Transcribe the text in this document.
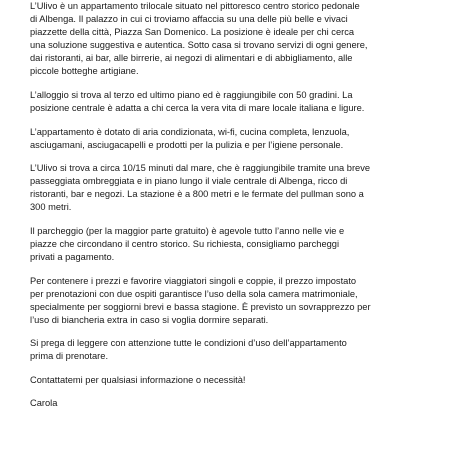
L’Ulivo è un appartamento trilocale situato nel pittoresco centro storico pedonale
di Albenga. Il palazzo in cui ci troviamo affaccia su una delle più belle e vivaci
piazzette della città, Piazza San Domenico. La posizione è ideale per chi cerca
una soluzione suggestiva e autentica. Sotto casa si trovano servizi di ogni genere,
dai ristoranti, ai bar, alle birrerie, ai negozi di alimentari e di abbigliamento, alle
piccole botteghe artigiane.

L’alloggio si trova al terzo ed ultimo piano ed è raggiungibile con 50 gradini. La
posizione centrale è adatta a chi cerca la vera vita di mare locale italiana e ligure.

L’appartamento è dotato di aria condizionata, wi-fi, cucina completa, lenzuola,
asciugamani, asciugacapelli e prodotti per la pulizia e per l’igiene personale.

L’Ulivo si trova a circa 10/15 minuti dal mare, che è raggiungibile tramite una breve
passeggiata ombreggiata e in piano lungo il viale centrale di Albenga, ricco di
ristoranti, bar e negozi. La stazione è a 800 metri e le fermate del pullman sono a
300 metri.

Il parcheggio (per la maggior parte gratuito) è agevole tutto l’anno nelle vie e
piazze che circondano il centro storico. Su richiesta, consigliamo parcheggi
privati a pagamento.

Per contenere i prezzi e favorire viaggiatori singoli e coppie, il prezzo impostato
per prenotazioni con due ospiti garantisce l’uso della sola camera matrimoniale,
specialmente per soggiorni brevi e bassa stagione. È previsto un sovrapprezzo per
l’uso di biancheria extra in caso si voglia dormire separati.

Si prega di leggere con attenzione tutte le condizioni d’uso dell’appartamento
prima di prenotare.

Contattatemi per qualsiasi informazione o necessità!

Carola
